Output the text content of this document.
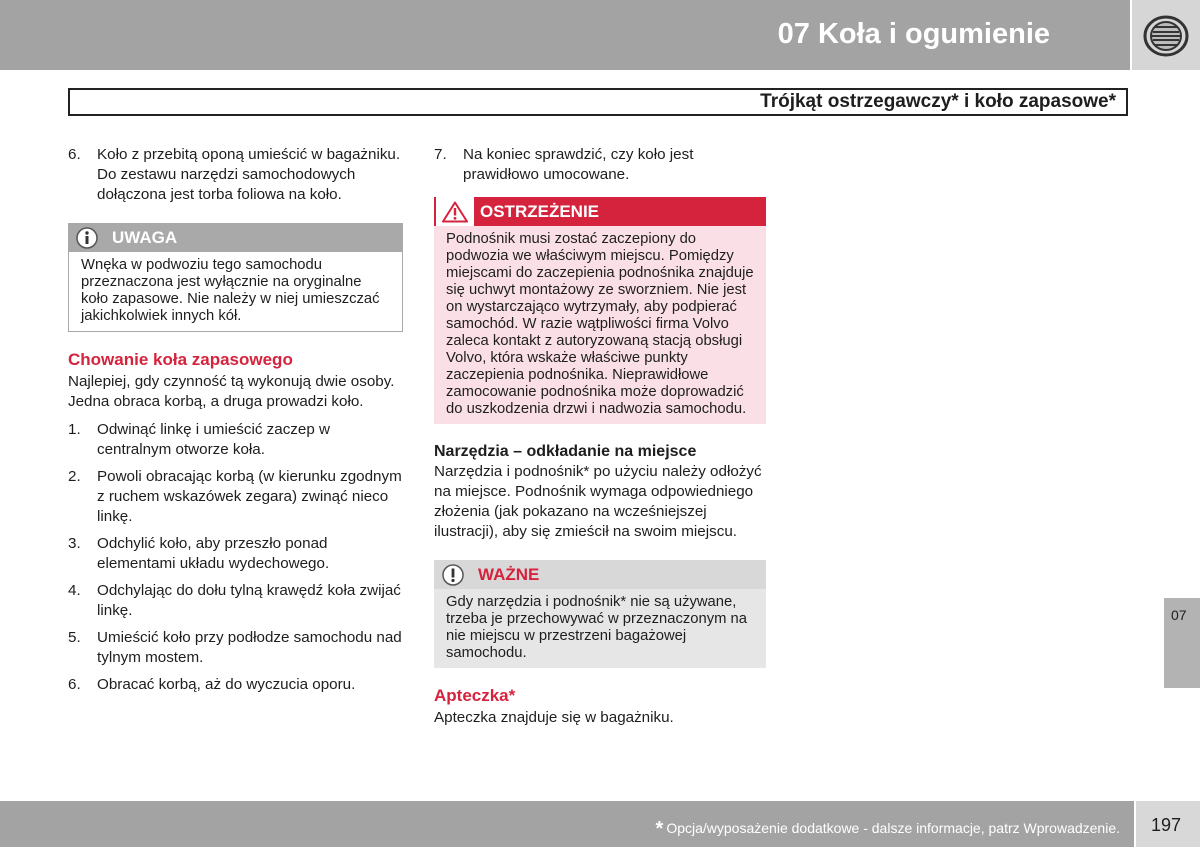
07 Koła i ogumienie
Trójkąt ostrzegawczy* i koło zapasowe*
6.	Koło z przebitą oponą umieścić w bagażniku. Do zestawu narzędzi samochodowych dołączona jest torba foliowa na koło.
UWAGA
Wnęka w podwoziu tego samochodu przeznaczona jest wyłącznie na oryginalne koło zapasowe. Nie należy w niej umieszczać jakichkolwiek innych kół.
Chowanie koła zapasowego

Najlepiej, gdy czynność tą wykonują dwie osoby. Jedna obraca korbą, a druga prowadzi koło.

1.	Odwinąć linkę i umieścić zaczep w centralnym otworze koła.
2.	Powoli obracając korbą (w kierunku zgodnym z ruchem wskazówek zegara) zwinąć nieco linkę.
3.	Odchylić koło, aby przeszło ponad elementami układu wydechowego.
4.	Odchylając do dołu tylną krawędź koła zwijać linkę.
5.	Umieścić koło przy podłodze samochodu nad tylnym mostem.
6.	Obracać korbą, aż do wyczucia oporu.
7.	Na koniec sprawdzić, czy koło jest prawidłowo umocowane.
OSTRZEŻENIE
Podnośnik musi zostać zaczepiony do podwozia we właściwym miejscu. Pomiędzy miejscami do zaczepienia podnośnika znajduje się uchwyt montażowy ze sworzniem. Nie jest on wystarczająco wytrzymały, aby podpierać samochód. W razie wątpliwości firma Volvo zaleca kontakt z autoryzowaną stacją obsługi Volvo, która wskaże właściwe punkty zaczepienia podnośnika. Nieprawidłowe zamocowanie podnośnika może doprowadzić do uszkodzenia drzwi i nadwozia samochodu.
Narzędzia – odkładanie na miejsce

Narzędzia i podnośnik* po użyciu należy odłożyć na miejsce. Podnośnik wymaga odpowiedniego złożenia (jak pokazano na wcześniejszej ilustracji), aby się zmieścił na swoim miejscu.

WAŻNE
Gdy narzędzia i podnośnik* nie są używane, trzeba je przechowywać w przeznaczonym na nie miejscu w przestrzeni bagażowej samochodu.
Apteczka*

Apteczka znajduje się w bagażniku.

07
* Opcja/wyposażenie dodatkowe - dalsze informacje, patrz Wprowadzenie. 197
